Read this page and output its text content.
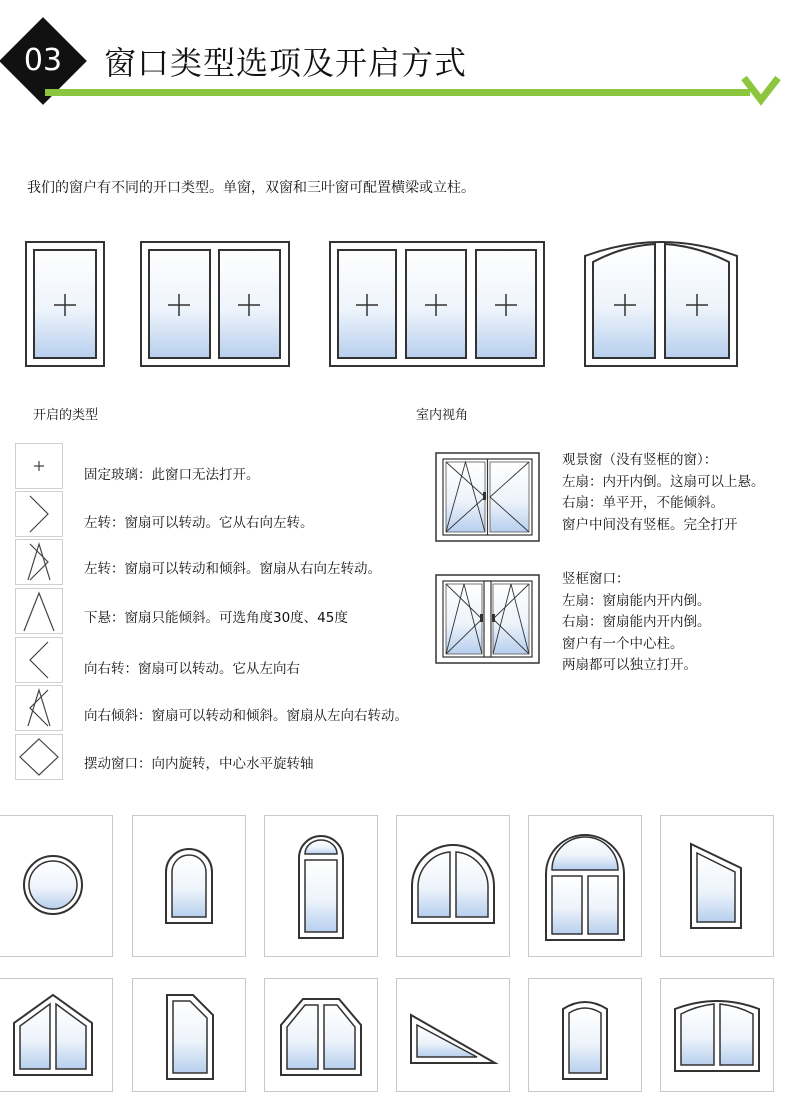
03	窗口类型选项及开启方式
我们的窗户有不同的开口类型。单窗，双窗和三叶窗可配置横梁或立柱。
开启的类型	室内视角
固定玻璃：此窗口无法打开。
左转：窗扇可以转动。它从右向左转。
左转：窗扇可以转动和倾斜。窗扇从右向左转动。
下悬：窗扇只能倾斜。可选角度30度、45度
向右转：窗扇可以转动。它从左向右
向右倾斜：窗扇可以转动和倾斜。窗扇从左向右转动。
摆动窗口：向内旋转，中心水平旋转轴
观景窗（没有竖框的窗）：
左扇：内开内倒。这扇可以上悬。
右扇：单平开，不能倾斜。
窗户中间没有竖框。完全打开
竖框窗口：
左扇：窗扇能内开内倒。
右扇：窗扇能内开内倒。
窗户有一个中心柱。
两扇都可以独立打开。
